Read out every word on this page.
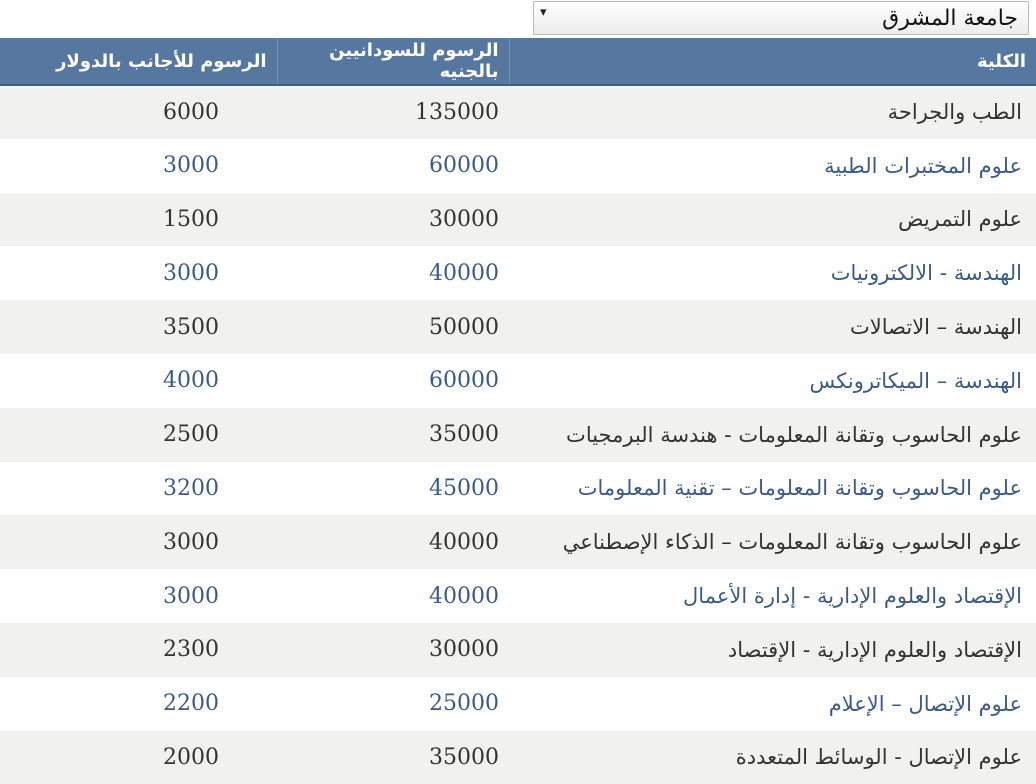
▾	جامعة المشرق
الكلية	الرسوم للسودانيين بالجنيه	الرسوم للأجانب بالدولار
الطب والجراحة	135000	6000
علوم المختبرات الطبية	60000	3000
علوم التمريض	30000	1500
الهندسة - الالكترونيات	40000	3000
الهندسة – الاتصالات	50000	3500
الهندسة – الميكاترونكس	60000	4000
علوم الحاسوب وتقانة المعلومات - هندسة البرمجيات	35000	2500
علوم الحاسوب وتقانة المعلومات – تقنية المعلومات	45000	3200
علوم الحاسوب وتقانة المعلومات – الذكاء الإصطناعي	40000	3000
الإقتصاد والعلوم الإدارية - إدارة الأعمال	40000	3000
الإقتصاد والعلوم الإدارية - الإقتصاد	30000	2300
علوم الإتصال – الإعلام	25000	2200
علوم الإتصال - الوسائط المتعددة	35000	2000
